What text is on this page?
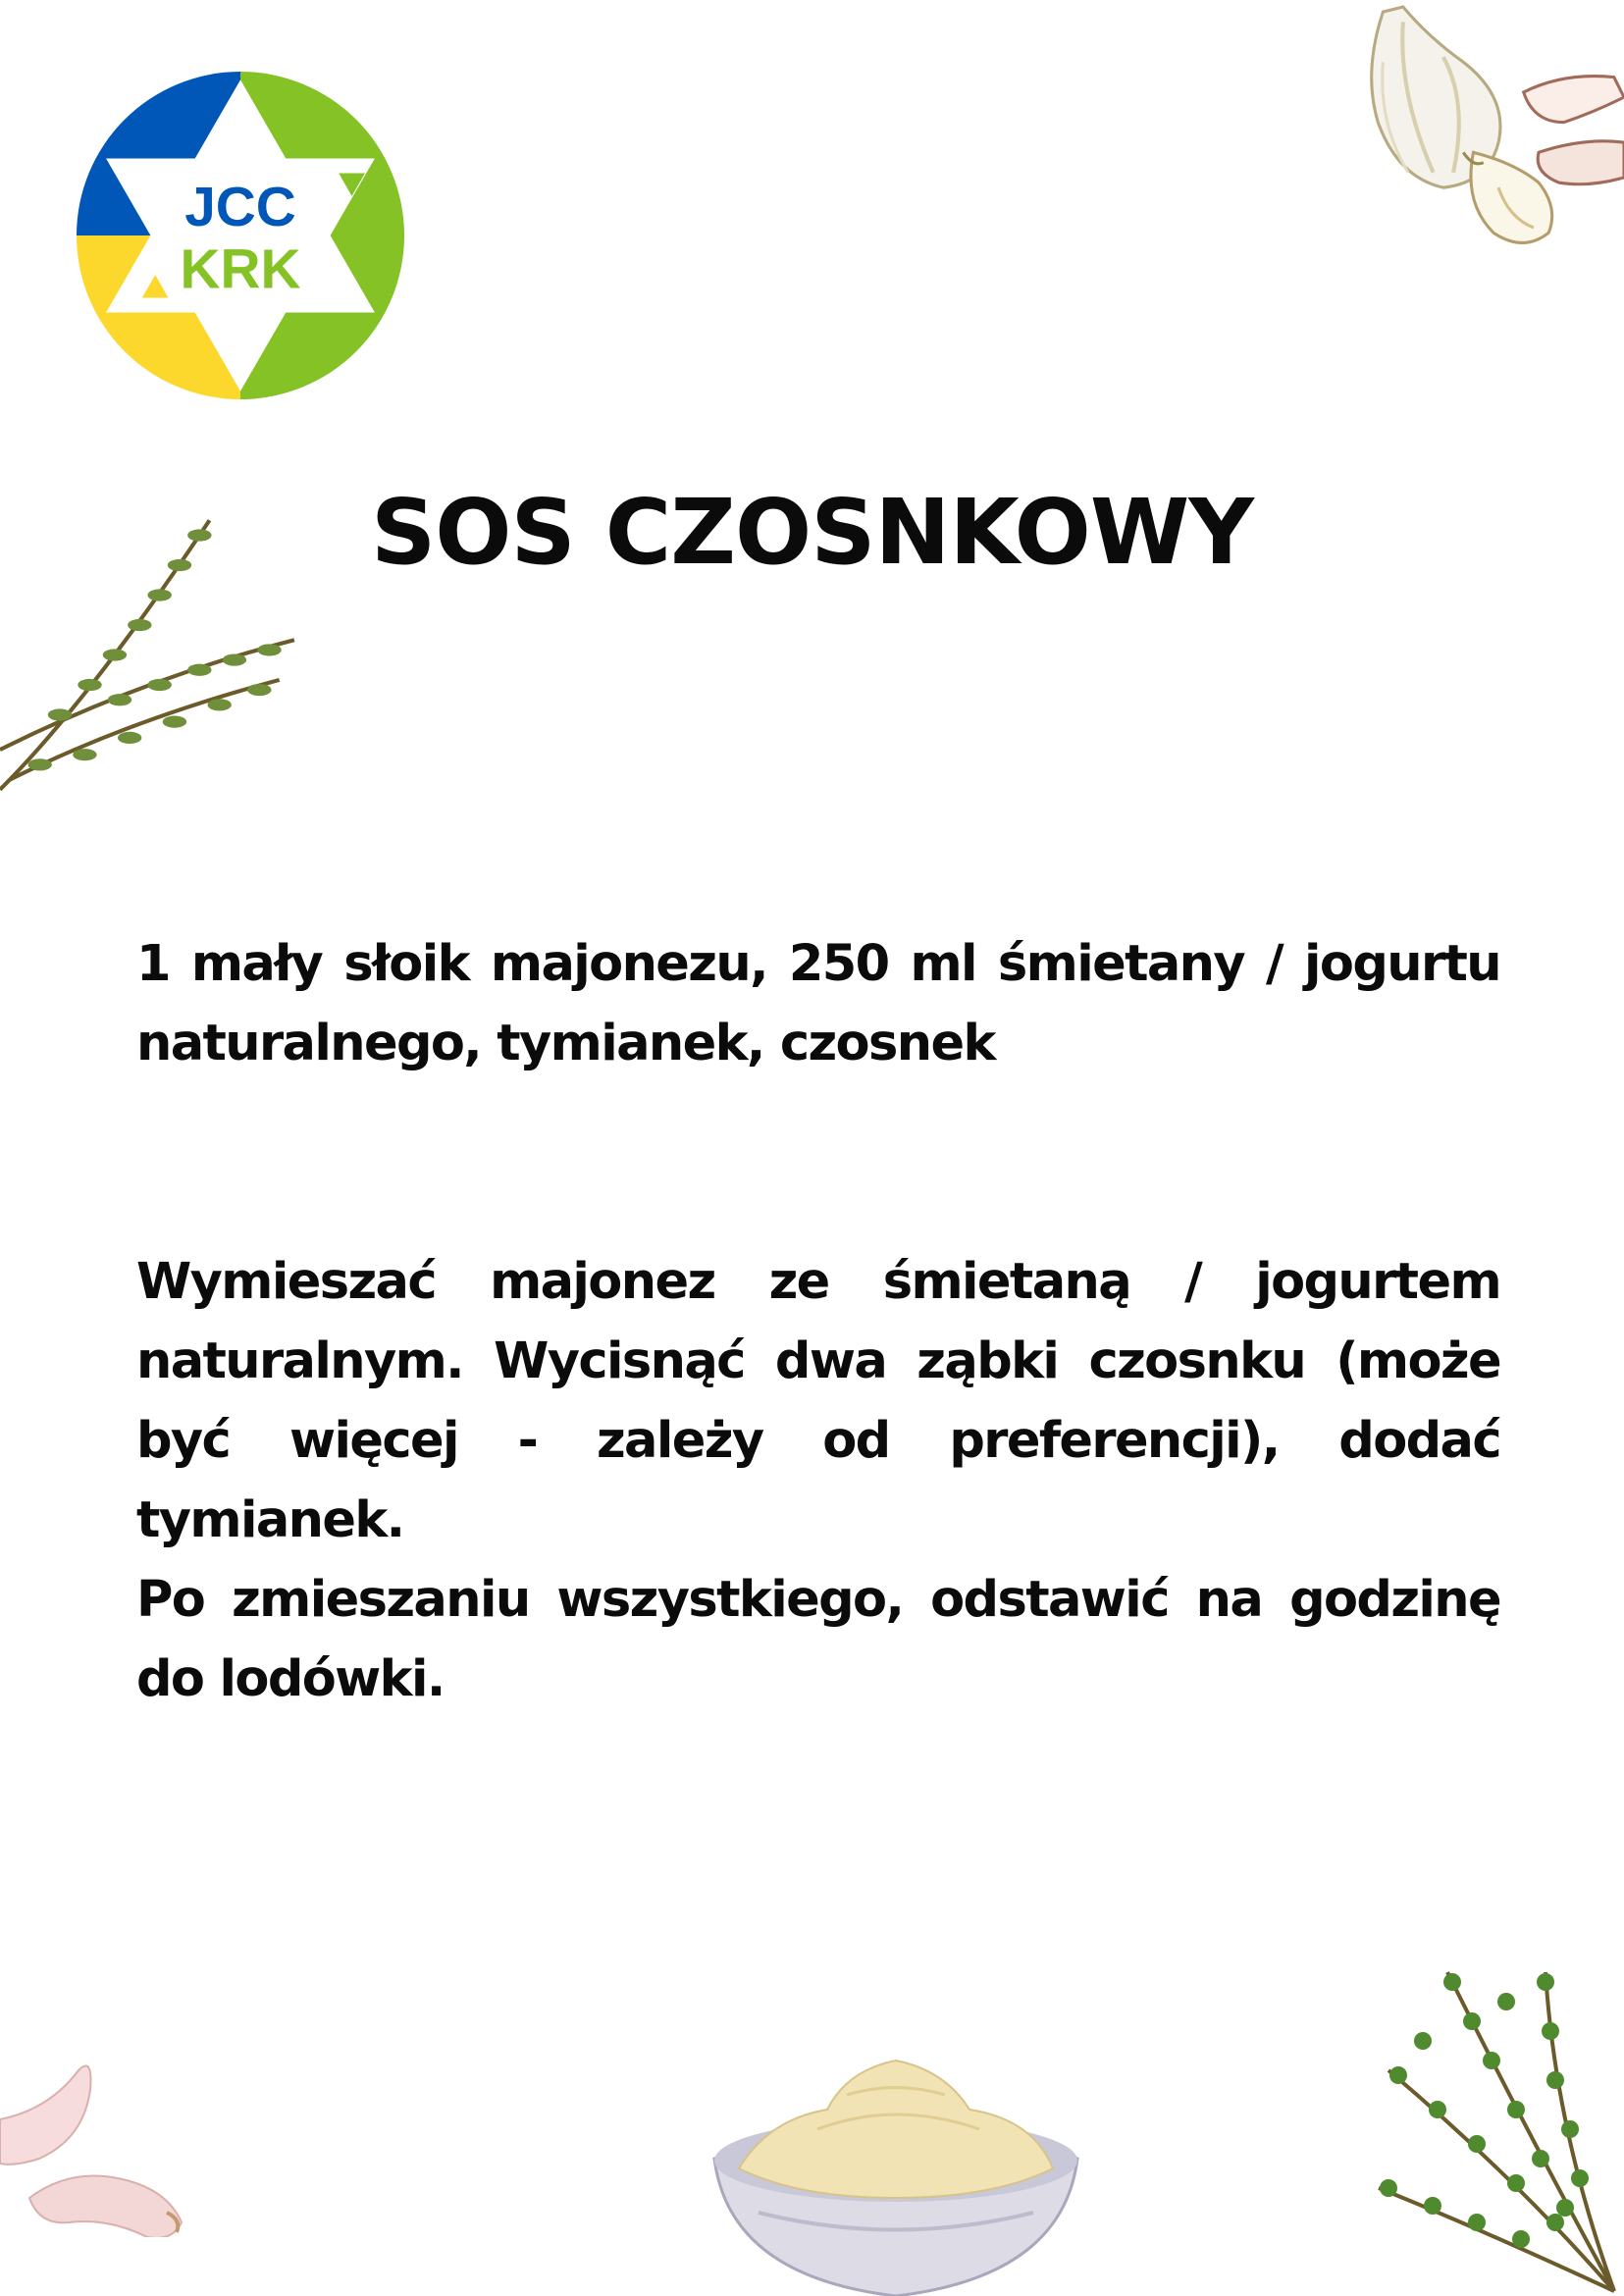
JCC
KRK
SOS CZOSNKOWY

1 mały słoik majonezu, 250 ml śmietany / jogurtu naturalnego, tymianek, czosnek

Wymieszać majonez ze śmietaną / jogurtem naturalnym. Wycisnąć dwa ząbki czosnku (może być więcej - zależy od preferencji), dodać tymianek.

Po zmieszaniu wszystkiego, odstawić na godzinę do lodówki.
